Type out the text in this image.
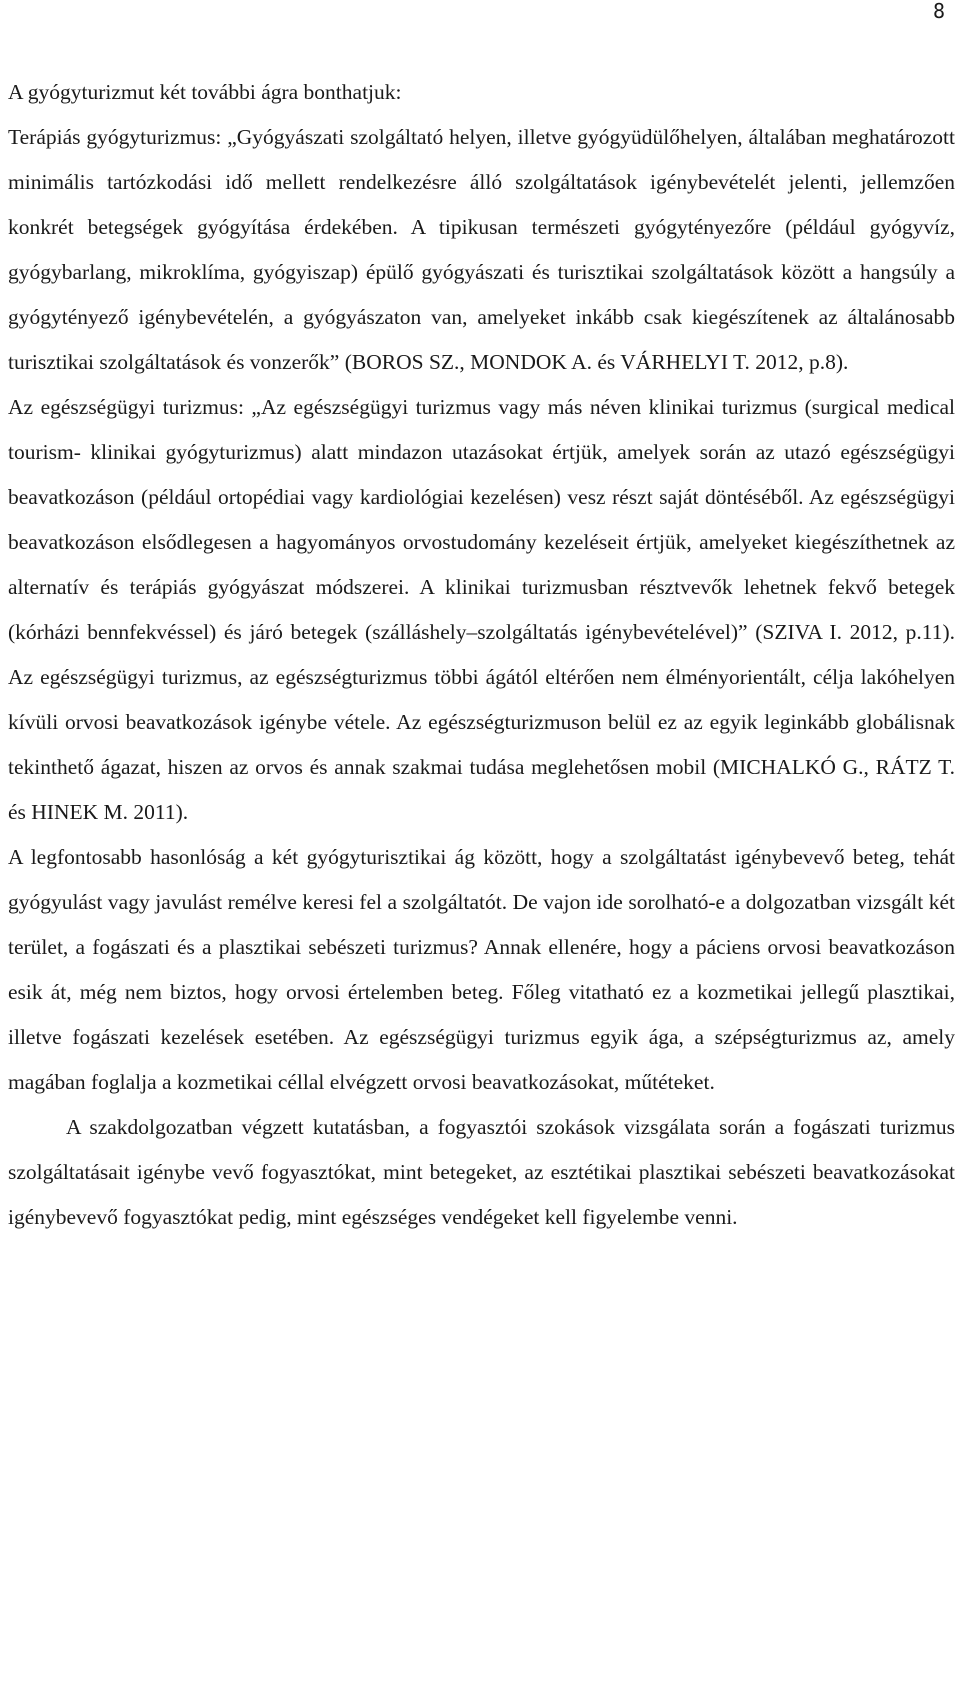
8

A gyógyturizmut két további ágra bonthatjuk:

Terápiás gyógyturizmus: „Gyógyászati szolgáltató helyen, illetve gyógyüdülőhelyen, általában meghatározott minimális tartózkodási idő mellett rendelkezésre álló szolgáltatások igénybevételét jelenti, jellemzően konkrét betegségek gyógyítása érdekében. A tipikusan természeti gyógytényezőre (például gyógyvíz, gyógybarlang, mikroklíma, gyógyiszap) épülő gyógyászati és turisztikai szolgáltatások között a hangsúly a gyógytényező igénybevételén, a gyógyászaton van, amelyeket inkább csak kiegészítenek az általánosabb turisztikai szolgáltatások és vonzerők” (BOROS SZ., MONDOK A. és VÁRHELYI T. 2012, p.8).

Az egészségügyi turizmus: „Az egészségügyi turizmus vagy más néven klinikai turizmus (surgical medical tourism- klinikai gyógyturizmus) alatt mindazon utazásokat értjük, amelyek során az utazó egészségügyi beavatkozáson (például ortopédiai vagy kardiológiai kezelésen) vesz részt saját döntéséből. Az egészségügyi beavatkozáson elsődlegesen a hagyományos orvostudomány kezeléseit értjük, amelyeket kiegészíthetnek az alternatív és terápiás gyógyászat módszerei. A klinikai turizmusban résztvevők lehetnek fekvő betegek (kórházi bennfekvéssel) és járó betegek (szálláshely–szolgáltatás igénybevételével)” (SZIVA I. 2012, p.11). Az egészségügyi turizmus, az egészségturizmus többi ágától eltérően nem élményorientált, célja lakóhelyen kívüli orvosi beavatkozások igénybe vétele. Az egészségturizmuson belül ez az egyik leginkább globálisnak tekinthető ágazat, hiszen az orvos és annak szakmai tudása meglehetősen mobil (MICHALKÓ G., RÁTZ T. és HINEK M. 2011).

A legfontosabb hasonlóság a két gyógyturisztikai ág között, hogy a szolgáltatást igénybevevő beteg, tehát gyógyulást vagy javulást remélve keresi fel a szolgáltatót. De vajon ide sorolható-e a dolgozatban vizsgált két terület, a fogászati és a plasztikai sebészeti turizmus? Annak ellenére, hogy a páciens orvosi beavatkozáson esik át, még nem biztos, hogy orvosi értelemben beteg. Főleg vitatható ez a kozmetikai jellegű plasztikai, illetve fogászati kezelések esetében. Az egészségügyi turizmus egyik ága, a szépségturizmus az, amely magában foglalja a kozmetikai céllal elvégzett orvosi beavatkozásokat, műtéteket.

A szakdolgozatban végzett kutatásban, a fogyasztói szokások vizsgálata során a fogászati turizmus szolgáltatásait igénybe vevő fogyasztókat, mint betegeket, az esztétikai plasztikai sebészeti beavatkozásokat igénybevevő fogyasztókat pedig, mint egészséges vendégeket kell figyelembe venni.
